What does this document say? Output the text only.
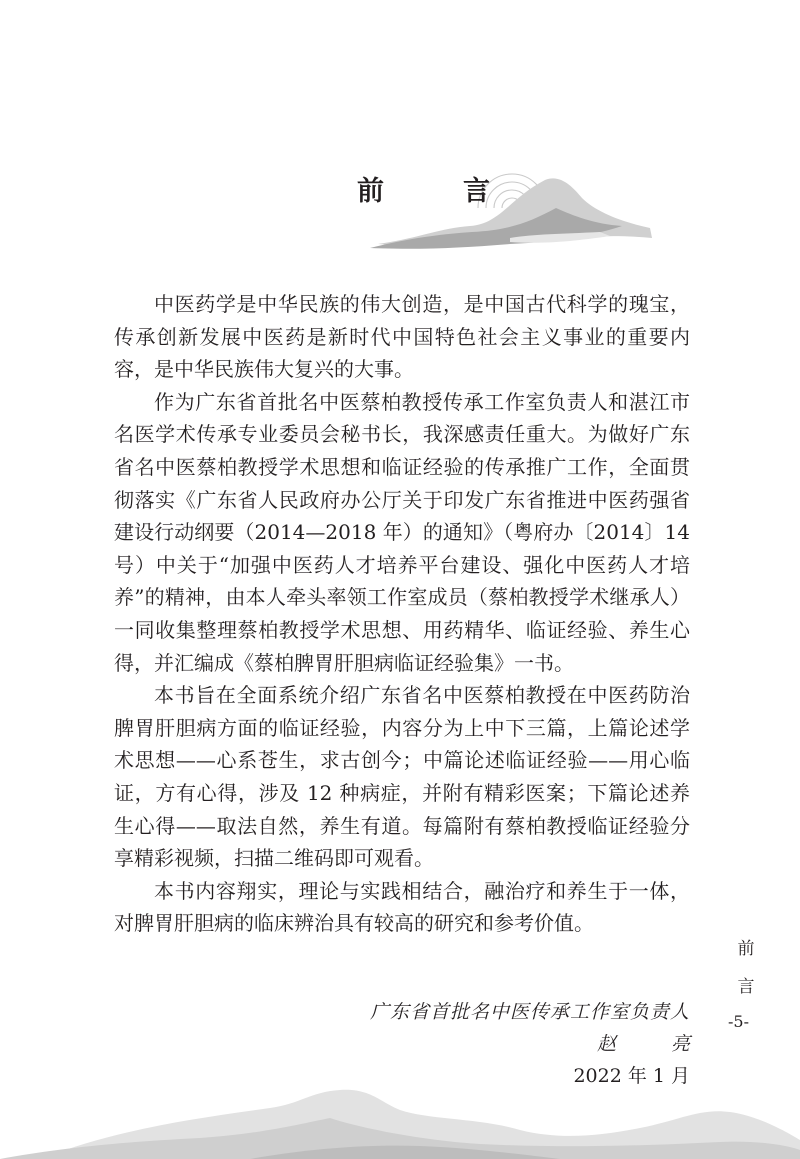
前　言

中医药学是中华民族的伟大创造，是中国古代科学的瑰宝，传承创新发展中医药是新时代中国特色社会主义事业的重要内容，是中华民族伟大复兴的大事。

作为广东省首批名中医蔡柏教授传承工作室负责人和湛江市名医学术传承专业委员会秘书长，我深感责任重大。为做好广东省名中医蔡柏教授学术思想和临证经验的传承推广工作，全面贯彻落实《广东省人民政府办公厅关于印发广东省推进中医药强省建设行动纲要（2014—2018 年）的通知》（粤府办〔2014〕14 号）中关于“加强中医药人才培养平台建设、强化中医药人才培养”的精神，由本人牵头率领工作室成员（蔡柏教授学术继承人）一同收集整理蔡柏教授学术思想、用药精华、临证经验、养生心得，并汇编成《蔡柏脾胃肝胆病临证经验集》一书。

本书旨在全面系统介绍广东省名中医蔡柏教授在中医药防治脾胃肝胆病方面的临证经验，内容分为上中下三篇，上篇论述学术思想——心系苍生，求古创今；中篇论述临证经验——用心临证，方有心得，涉及 12 种病症，并附有精彩医案；下篇论述养生心得——取法自然，养生有道。每篇附有蔡柏教授临证经验分享精彩视频，扫描二维码即可观看。

本书内容翔实，理论与实践相结合，融治疗和养生于一体，对脾胃肝胆病的临床辨治具有较高的研究和参考价值。

广东省首批名中医传承工作室负责人
赵　亮
2022 年 1 月
前
言
-5-
